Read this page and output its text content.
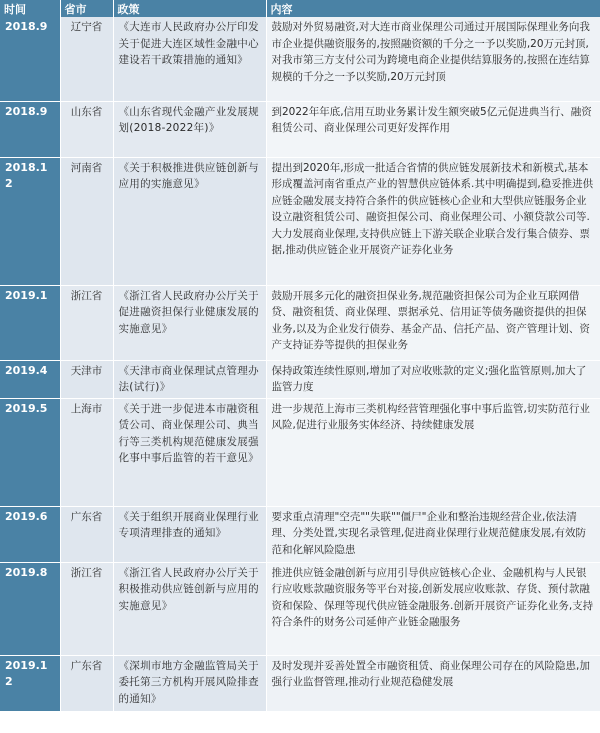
时间	省市	政策	内容
2018.9	辽宁省	《大连市人民政府办公厅印发关于促进大连区域性金融中心建设若干政策措施的通知》	鼓励对外贸易融资,对大连市商业保理公司通过开展国际保理业务向我市企业提供融资服务的,按照融资额的千分之一予以奖励,20万元封顶,对我市第三方支付公司为跨境电商企业提供结算服务的,按照在连结算规模的千分之一予以奖励,20万元封顶
2018.9	山东省	《山东省现代金融产业发展规划(2018-2022年)》	到2022年年底,信用互助业务累计发生额突破5亿元促进典当行、融资租赁公司、商业保理公司更好发挥作用
2018.12	河南省	《关于积极推进供应链创新与应用的实施意见》	提出到2020年,形成一批适合省情的供应链发展新技术和新模式,基本形成覆盖河南省重点产业的智慧供应链体系.其中明确提到,稳妥推进供应链金融发展支持符合条件的供应链核心企业和大型供应链服务企业设立融资租赁公司、融资担保公司、商业保理公司、小额贷款公司等.大力发展商业保理,支持供应链上下游关联企业联合发行集合债券、票据,推动供应链企业开展资产证券化业务
2019.1	浙江省	《浙江省人民政府办公厅关于促进融资担保行业健康发展的实施意见》	鼓励开展多元化的融资担保业务,规范融资担保公司为企业互联网借贷、融资租赁、商业保理、票据承兑、信用证等债务融资提供的担保业务,以及为企业发行债券、基金产品、信托产品、资产管理计划、资产支持证券等提供的担保业务
2019.4	天津市	《天津市商业保理试点管理办法(试行)》	保持政策连续性原则,增加了对应收账款的定义;强化监管原则,加大了监管力度
2019.5	上海市	《关于进一步促进本市融资租赁公司、商业保理公司、典当行等三类机构规范健康发展强化事中事后监管的若干意见》	进一步规范上海市三类机构经营管理强化事中事后监管,切实防范行业风险,促进行业服务实体经济、持续健康发展
2019.6	广东省	《关于组织开展商业保理行业专项清理排查的通知》	要求重点清理"空壳""失联""僵尸"企业和整治违规经营企业,依法清理、分类处置,实现名录管理,促进商业保理行业规范健康发展,有效防范和化解风险隐患
2019.8	浙江省	《浙江省人民政府办公厅关于积极推动供应链创新与应用的实施意见》	推进供应链金融创新与应用引导供应链核心企业、金融机构与人民银行应收账款融资服务等平台对接,创新发展应收账款、存货、预付款融资和保险、保理等现代供应链金融服务.创新开展资产证券化业务,支持符合条件的财务公司延伸产业链金融服务
2019.12	广东省	《深圳市地方金融监管局关于委托第三方机构开展风险排查的通知》	及时发现并妥善处置全市融资租赁、商业保理公司存在的风险隐患,加强行业监督管理,推动行业规范稳健发展
